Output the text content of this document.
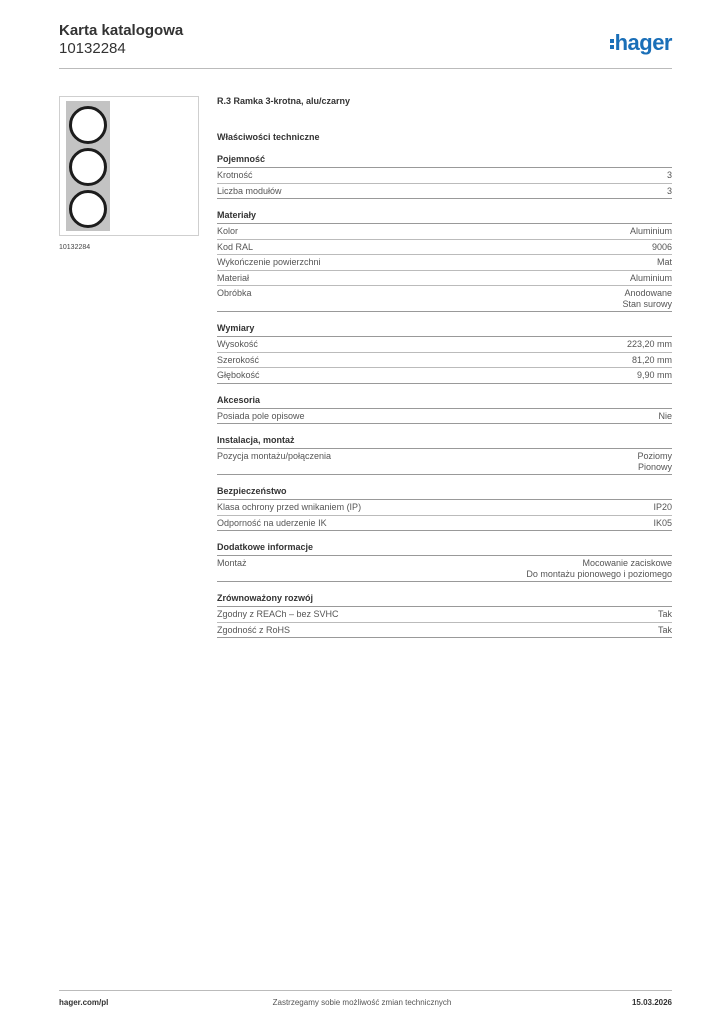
Karta katalogowa
10132284	hager
10132284
R.3 Ramka 3-krotna, alu/czarny
Właściwości techniczne
Pojemność
Krotność	3
Liczba modułów	3
Materiały
Kolor	Aluminium
Kod RAL	9006
Wykończenie powierzchni	Mat
Materiał	Aluminium
Obróbka	Anodowane
Stan surowy
Wymiary
Wysokość	223,20 mm
Szerokość	81,20 mm
Głębokość	9,90 mm
Akcesoria
Posiada pole opisowe	Nie
Instalacja, montaż
Pozycja montażu/połączenia	Poziomy
Pionowy
Bezpieczeństwo
Klasa ochrony przed wnikaniem (IP)	IP20
Odporność na uderzenie IK	IK05
Dodatkowe informacje
Montaż	Mocowanie zaciskowe
Do montażu pionowego i poziomego
Zrównoważony rozwój
Zgodny z REACh – bez SVHC	Tak
Zgodność z RoHS	Tak
hager.com/pl	Zastrzegamy sobie możliwość zmian technicznych	15.03.2026
